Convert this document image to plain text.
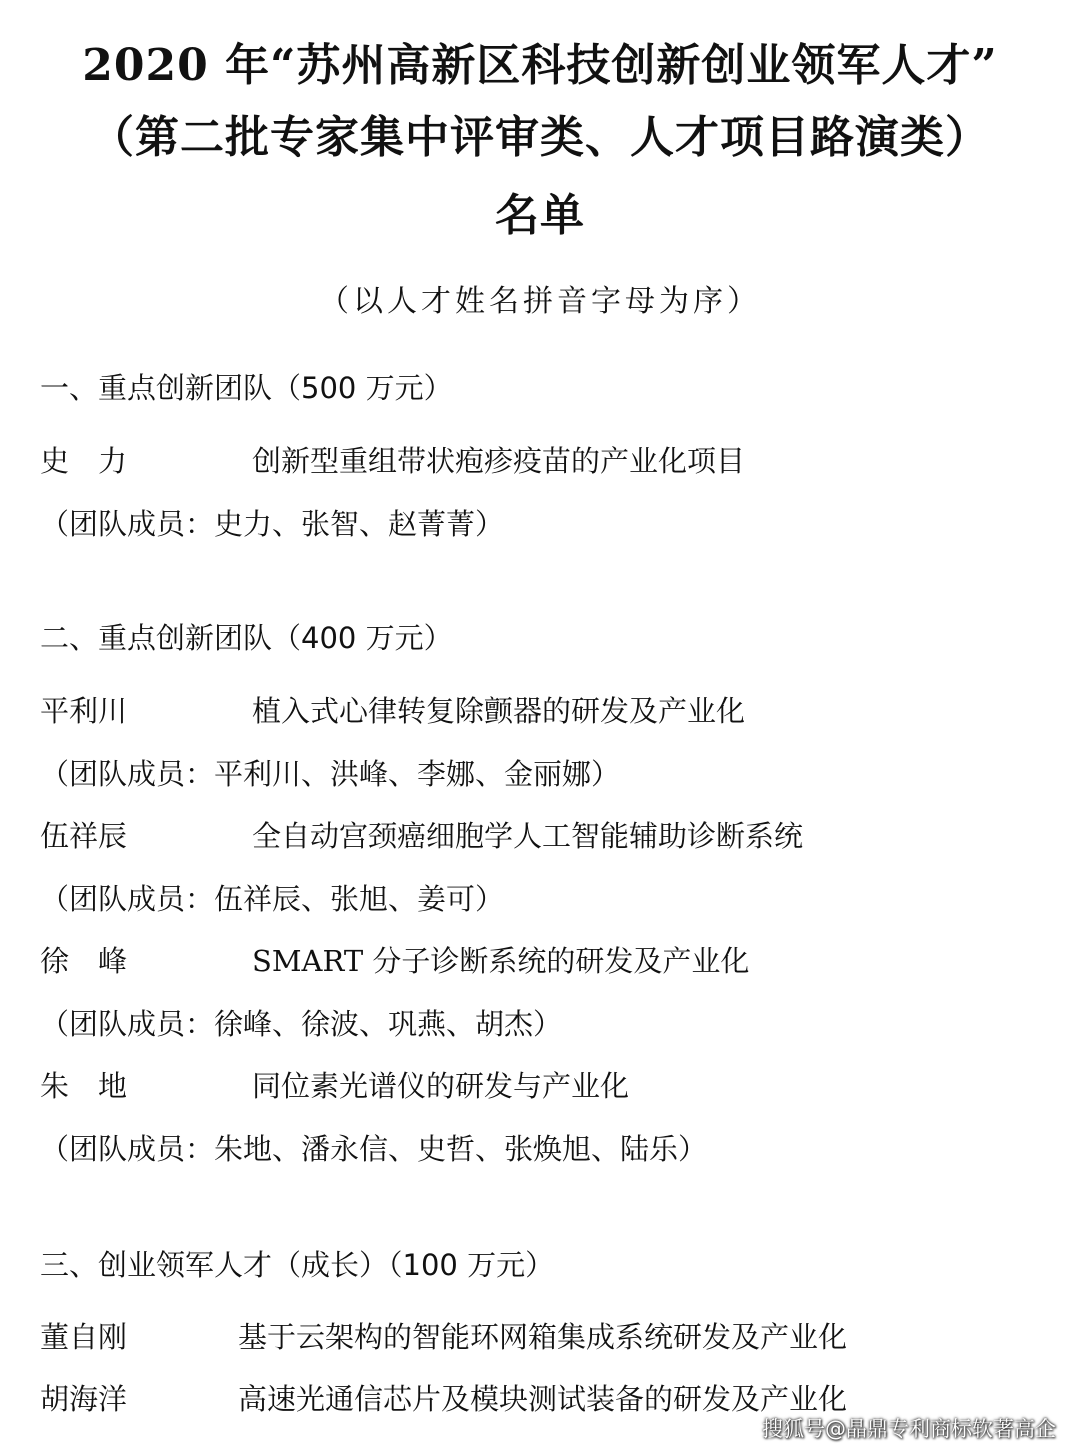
2020 年“苏州高新区科技创新创业领军人才”
（第二批专家集中评审类、人才项目路演类）
名单
（以人才姓名拼音字母为序）
一、重点创新团队（500 万元）
史　力	创新型重组带状疱疹疫苗的产业化项目
（团队成员：史力、张智、赵菁菁）
二、重点创新团队（400 万元）
平利川	植入式心律转复除颤器的研发及产业化
（团队成员：平利川、洪峰、李娜、金丽娜）
伍祥辰	全自动宫颈癌细胞学人工智能辅助诊断系统
（团队成员：伍祥辰、张旭、姜可）
徐　峰	SMART 分子诊断系统的研发及产业化
（团队成员：徐峰、徐波、巩燕、胡杰）
朱　地	同位素光谱仪的研发与产业化
（团队成员：朱地、潘永信、史哲、张焕旭、陆乐）
三、创业领军人才（成长）（100 万元）
董自刚	基于云架构的智能环网箱集成系统研发及产业化
胡海洋	高速光通信芯片及模块测试装备的研发及产业化
搜狐号@晶鼎专利商标软著高企
